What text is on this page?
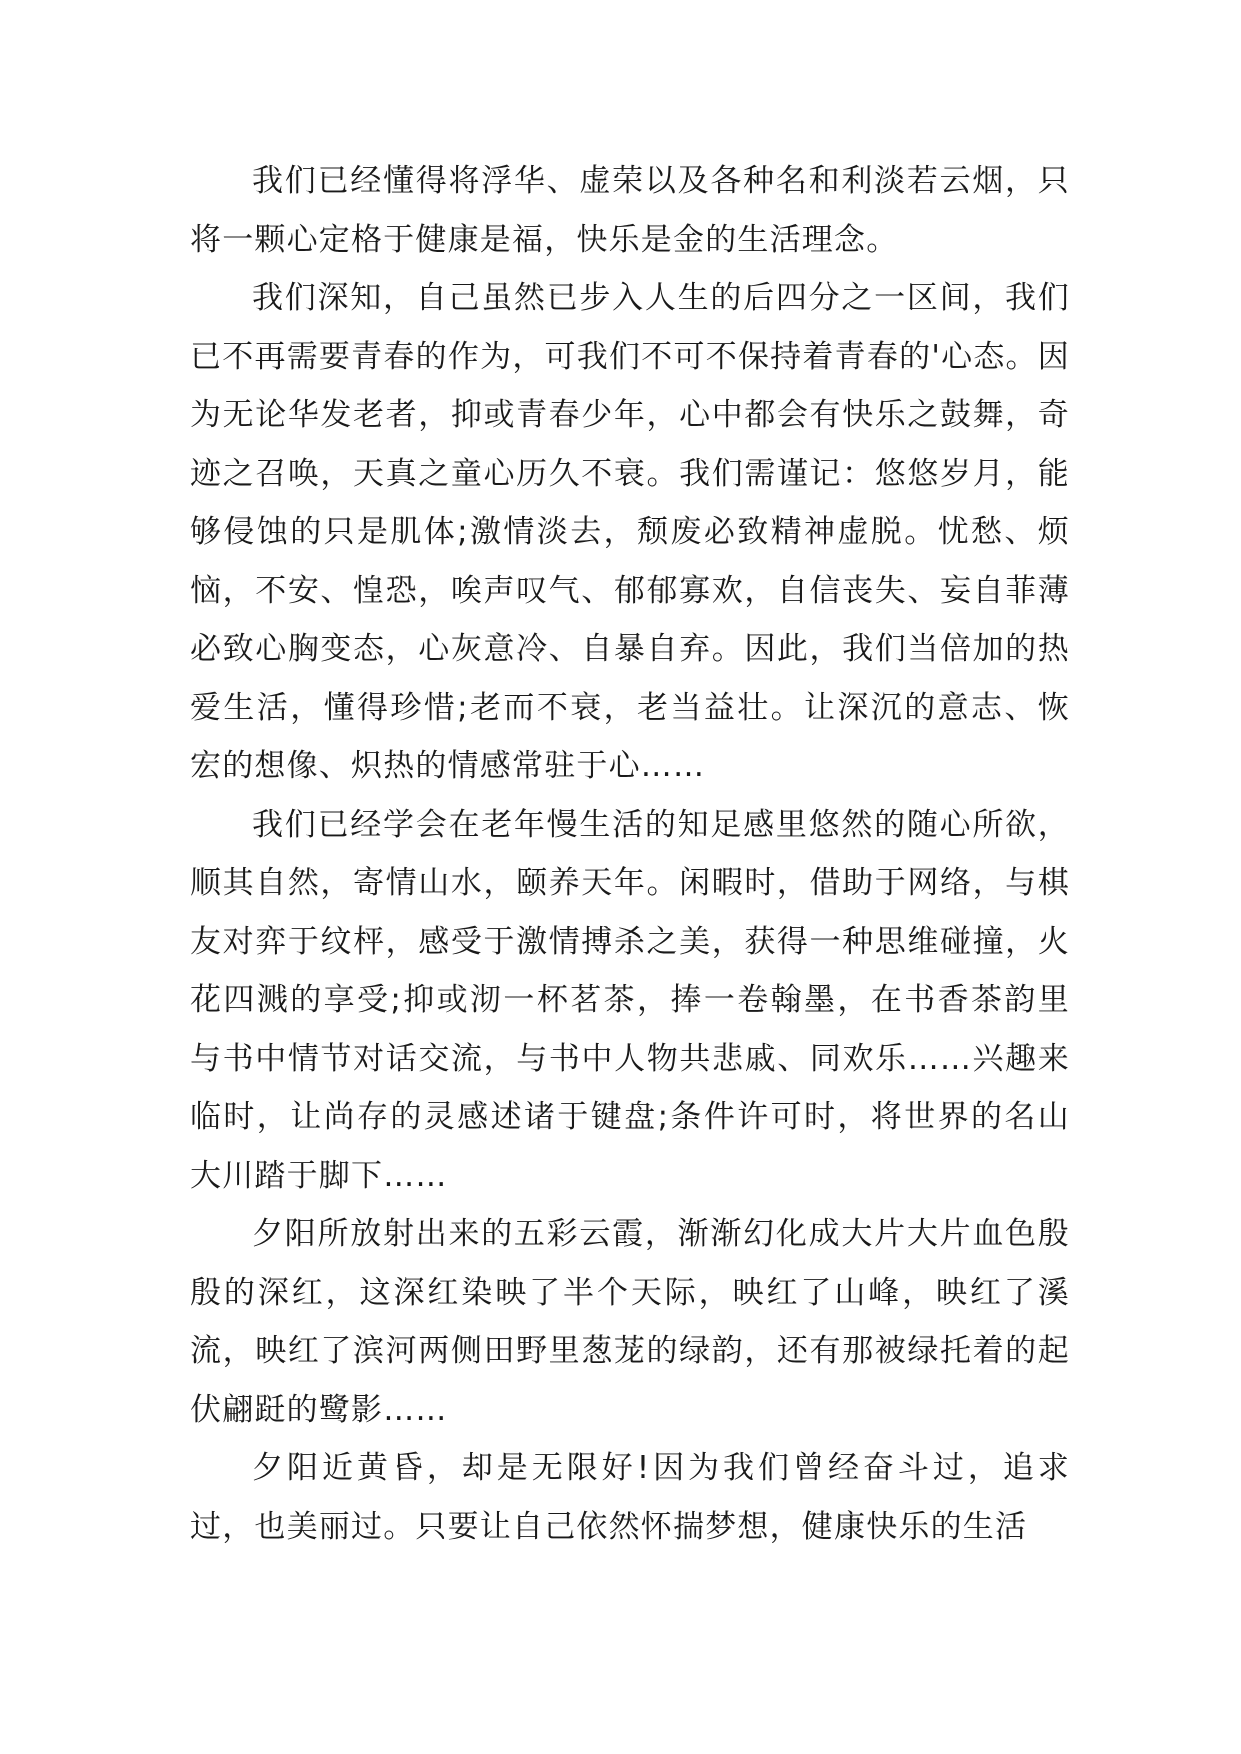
我们已经懂得将浮华、虚荣以及各种名和利淡若云烟，只将一颗心定格于健康是福，快乐是金的生活理念。

我们深知，自己虽然已步入人生的后四分之一区间，我们已不再需要青春的作为，可我们不可不保持着青春的'心态。因为无论华发老者，抑或青春少年，心中都会有快乐之鼓舞，奇迹之召唤，天真之童心历久不衰。我们需谨记：悠悠岁月，能够侵蚀的只是肌体;激情淡去，颓废必致精神虚脱。忧愁、烦恼，不安、惶恐，唉声叹气、郁郁寡欢，自信丧失、妄自菲薄必致心胸变态，心灰意冷、自暴自弃。因此，我们当倍加的热爱生活，懂得珍惜;老而不衰，老当益壮。让深沉的意志、恢宏的想像、炽热的情感常驻于心……

我们已经学会在老年慢生活的知足感里悠然的随心所欲，顺其自然，寄情山水，颐养天年。闲暇时，借助于网络，与棋友对弈于纹枰，感受于激情搏杀之美，获得一种思维碰撞，火花四溅的享受;抑或沏一杯茗茶，捧一卷翰墨，在书香茶韵里与书中情节对话交流，与书中人物共悲戚、同欢乐……兴趣来临时，让尚存的灵感述诸于键盘;条件许可时，将世界的名山大川踏于脚下……

夕阳所放射出来的五彩云霞，渐渐幻化成大片大片血色殷殷的深红，这深红染映了半个天际，映红了山峰，映红了溪流，映红了滨河两侧田野里葱茏的绿韵，还有那被绿托着的起伏翩跹的鹭影……

夕阳近黄昏，却是无限好!因为我们曾经奋斗过，追求过，也美丽过。只要让自己依然怀揣梦想，健康快乐的生活
